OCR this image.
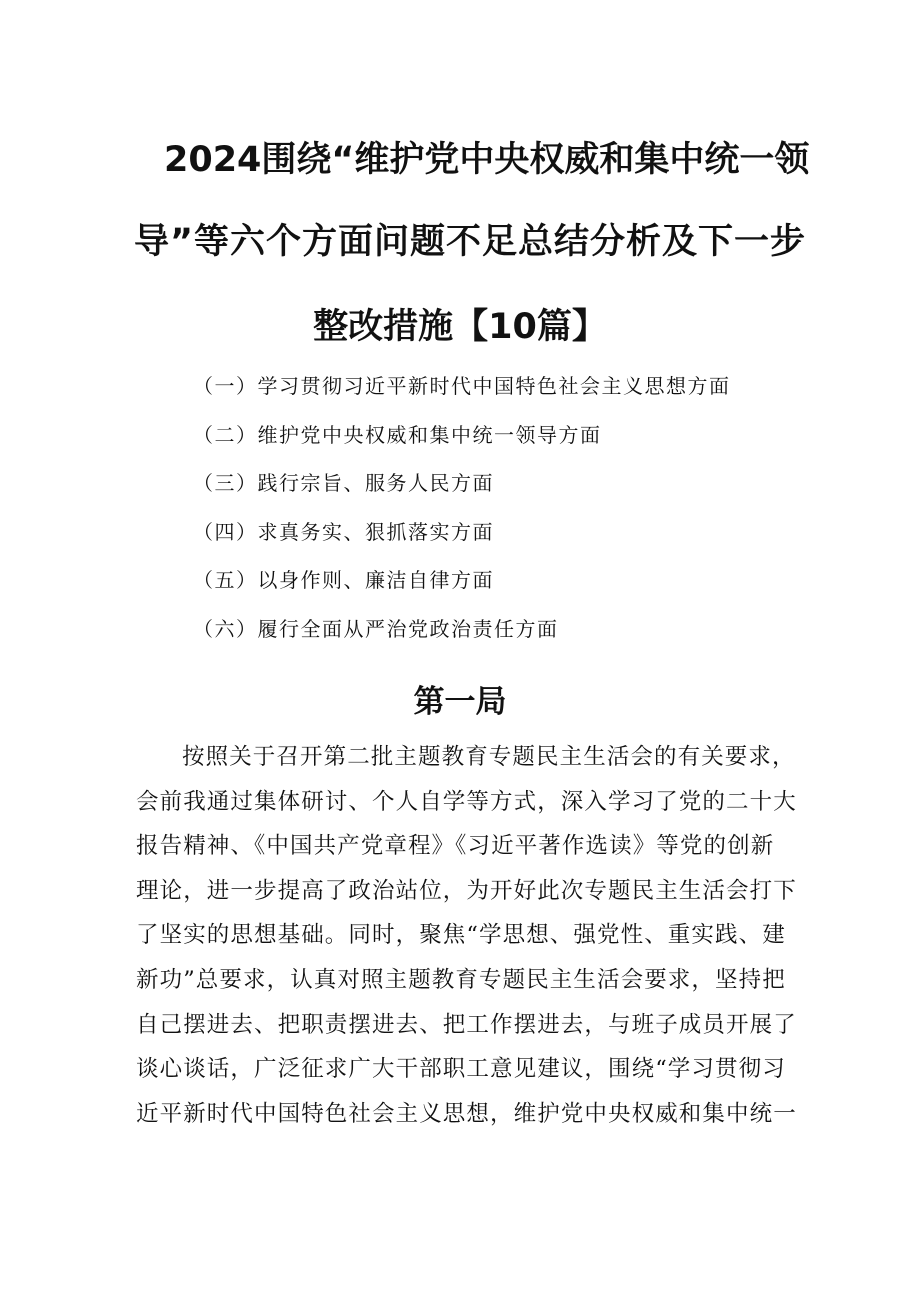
2024围绕“维护党中央权威和集中统一领
导”等六个方面问题不足总结分析及下一步
整改措施【10篇】
（一）学习贯彻习近平新时代中国特色社会主义思想方面
（二）维护党中央权威和集中统一领导方面
（三）践行宗旨、服务人民方面
（四）求真务实、狠抓落实方面
（五）以身作则、廉洁自律方面
（六）履行全面从严治党政治责任方面
第一局
按照关于召开第二批主题教育专题民主生活会的有关要求，
会前我通过集体研讨、个人自学等方式，深入学习了党的二十大
报告精神、《中国共产党章程》《习近平著作选读》等党的创新
理论，进一步提高了政治站位，为开好此次专题民主生活会打下
了坚实的思想基础。同时，聚焦“学思想、强党性、重实践、建
新功”总要求，认真对照主题教育专题民主生活会要求，坚持把
自己摆进去、把职责摆进去、把工作摆进去，与班子成员开展了
谈心谈话，广泛征求广大干部职工意见建议，围绕“学习贯彻习
近平新时代中国特色社会主义思想，维护党中央权威和集中统一
